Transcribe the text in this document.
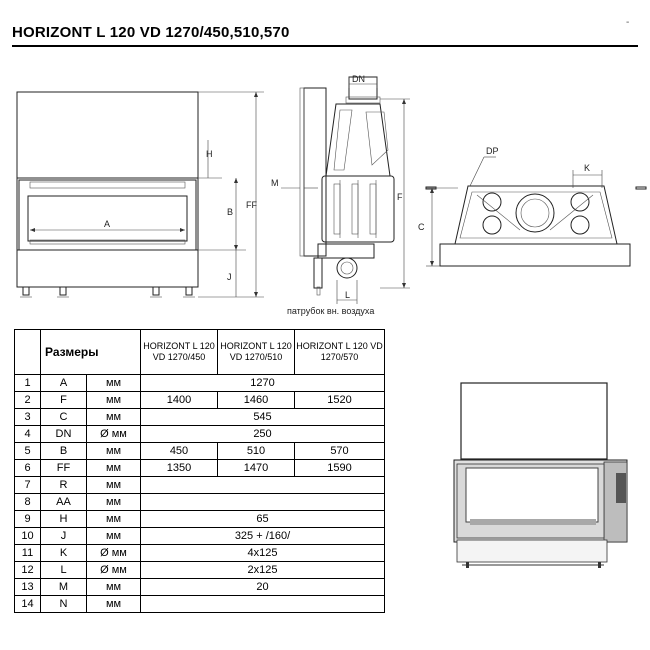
-
HORIZONT L 120 VD 1270/450,510,570
H
B
FF
J
A
DN
M
F
L
DP
K
C
патрубок вн. воздуха
	Размеры		HORIZONT L 120 VD 1270/450	HORIZONT L 120 VD 1270/510	HORIZONT L 120 VD 1270/570
1	A	мм	1270		
2	F	мм	1400	1460	1520
3	C	мм	545		
4	DN	Ø мм	250		
5	B	мм	450	510	570
6	FF	мм	1350	1470	1590
7	R	мм			
8	AA	мм			
9	H	мм	65		
10	J	мм	325 + /160/		
11	K	Ø мм	4x125		
12	L	Ø мм	2x125		
13	M	мм	20		
14	N	мм			
